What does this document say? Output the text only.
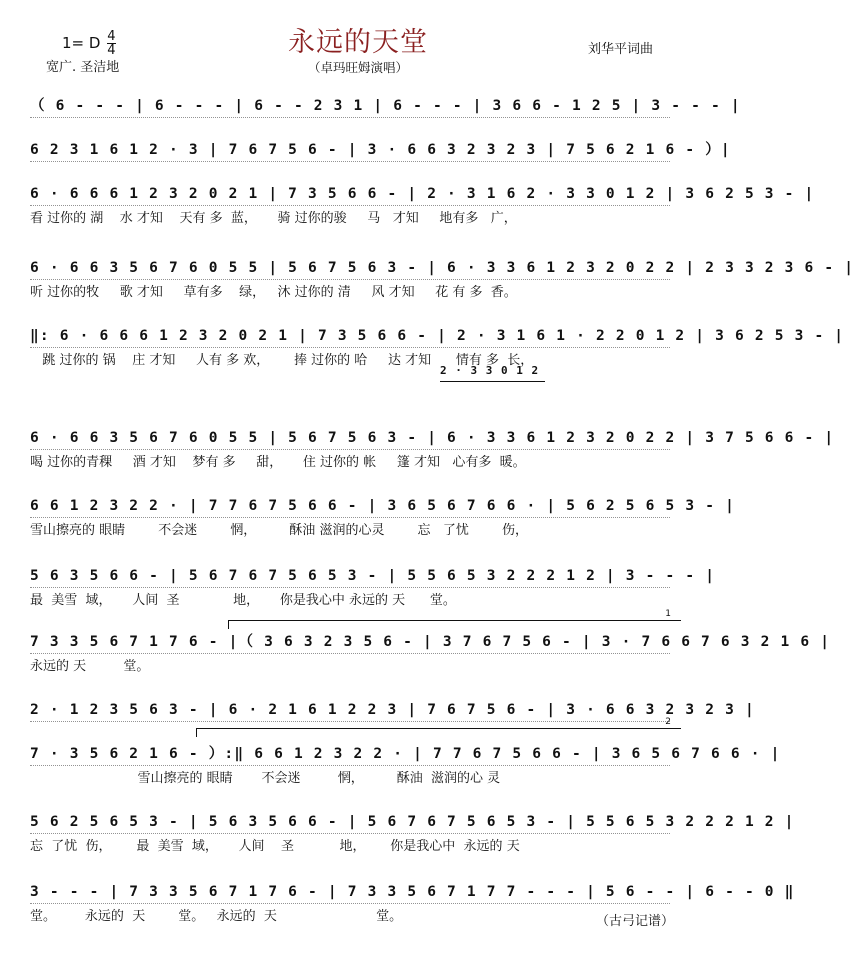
1= D $\frac{4}{4}$
宽广. 圣洁地
永远的天堂
（卓玛旺姆演唱）
刘华平词曲
（ 6 - - - | 6 - - - | 6 - - 2 3 1 | 6 - - - | 3 6 6 - 1 2 5 | 3 - - - |
6 2 3 1 6 1 2 · 3 | 7 6 7 5 6 - | 3 · 6 6 3 2 3 2 3 | 7 5 6 2 1 6 - ）|
6 · 6 6 6 1 2 3 2 0 2 1 | 7 3 5 6 6 - | 2 · 3 1 6 2 · 3 3 0 1 2 | 3 6 2 5 3 - |
看 过你的 湖    水 才知    天有 多  蓝，     骑 过你的骏     马   才知     地有多   广，
6 · 6 6 3 5 6 7 6 0 5 5 | 5 6 7 5 6 3 - | 6 · 3 3 6 1 2 3 2 0 2 2 | 2 3 3 2 3 6 - |
听 过你的牧     歌 才知     草有多    绿，   沐 过你的 清     风 才知     花 有 多  香。
‖: 6 · 6 6 6 1 2 3 2 0 2 1 | 7 3 5 6 6 - | 2 · 3 1 6 1 · 2 2 0 1 2 | 3 6 2 5 3 - |
跳 过你的 锅    庄 才知     人有 多 欢，      捧 过你的 哈     达 才知      情有 多  长，
6 · 6 6 3 5 6 7 6 0 5 5 | 5 6 7 5 6 3 - | 6 · 3 3 6 1 2 3 2 0 2 2 | 3 7 5 6 6 - |
喝 过你的青稞     酒 才知    梦有 多     甜，     住 过你的 帐     篷 才知   心有多  暖。
6 6 1 2 3 2 2 · | 7 7 6 7 5 6 6 - | 3 6 5 6 7 6 6 · | 5 6 2 5 6 5 3 - |
雪山擦亮的 眼睛        不会迷        惘，        酥油 滋润的心灵        忘   了忧        伤，
5 6 3 5 6 6 - | 5 6 7 6 7 5 6 5 3 - | 5 5 6 5 3 2 2 2 1 2 | 3 - - - |
最  美雪  域，     人间  圣             地，     你是我心中 永远的 天      堂。
7 3 3 5 6 7 1 7 6 - |（ 3 6 3 2 3 5 6 - | 3 7 6 7 5 6 - | 3 · 7 6 6 7 6 3 2 1 6 |
永远的 天         堂。
2 · 1 2 3 5 6 3 - | 6 · 2 1 6 1 2 2 3 | 7 6 7 5 6 - | 3 · 6 6 3 2 3 2 3 |
7 · 3 5 6 2 1 6 - ）:‖ 6 6 1 2 3 2 2 · | 7 7 6 7 5 6 6 - | 3 6 5 6 7 6 6 · |
雪山擦亮的 眼睛       不会迷         惘，        酥油  滋润的心 灵
5 6 2 5 6 5 3 - | 5 6 3 5 6 6 - | 5 6 7 6 7 5 6 5 3 - | 5 5 6 5 3 2 2 2 1 2 |
忘  了忧  伤，      最  美雪  域，     人间    圣           地，      你是我心中  永远的 天
3 - - - | 7 3 3 5 6 7 1 7 6 - | 7 3 3 5 6 7 1 7 7 - - - | 5 6 - - | 6 - - 0 ‖
堂。       永远的  天        堂。   永远的  天                        堂。
2 · 3 3 0 1 2
1
2
（古弓记谱）
